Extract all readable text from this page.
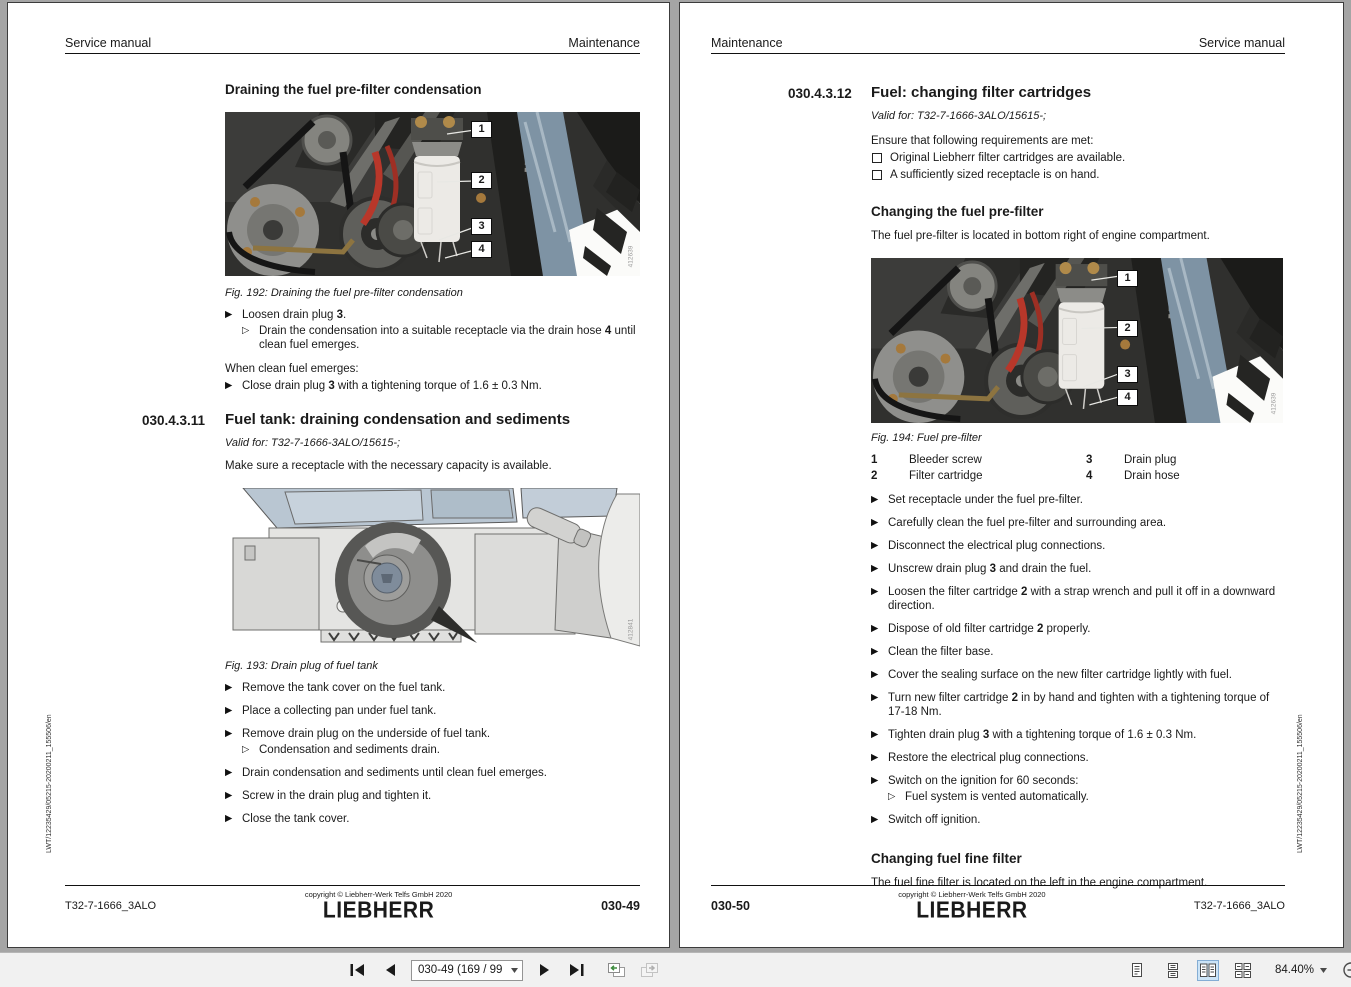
Service manual	Maintenance
Draining the fuel pre-filter condensation
1
2
3
4	412639
Fig. 192: Draining the fuel pre-filter condensation
▶ Loosen drain plug 3.
▷ Drain the condensation into a suitable receptacle via the drain hose 4 until clean fuel emerges.
When clean fuel emerges:
▶ Close drain plug 3 with a tightening torque of 1.6 ± 0.3 Nm.
030.4.3.11 Fuel tank: draining condensation and sediments
Valid for: T32-7-1666-3ALO/15615-;
Make sure a receptacle with the necessary capacity is available.
412841
Fig. 193: Drain plug of fuel tank
▶ Remove the tank cover on the fuel tank.
▶ Place a collecting pan under fuel tank.
▶ Remove drain plug on the underside of fuel tank.
▷ Condensation and sediments drain.
▶ Drain condensation and sediments until clean fuel emerges.
▶ Screw in the drain plug and tighten it.
▶ Close the tank cover.
T32-7-1666_3ALO
copyright © Liebherr-Werk Telfs GmbH 2020
LIEBHERR	030-49
LWT/12235429/05215-20200211_155506/en
Maintenance	Service manual
030.4.3.12 Fuel: changing filter cartridges
Valid for: T32-7-1666-3ALO/15615-;
Ensure that following requirements are met:
Original Liebherr filter cartridges are available.
A sufficiently sized receptacle is on hand.
Changing the fuel pre-filter
The fuel pre-filter is located in bottom right of engine compartment.
1
2
3
4	412639
Fig. 194: Fuel pre-filter
1	Bleeder screw	3	Drain plug
2	Filter cartridge	4	Drain hose
▶ Set receptacle under the fuel pre-filter.
▶ Carefully clean the fuel pre-filter and surrounding area.
▶ Disconnect the electrical plug connections.
▶ Unscrew drain plug 3 and drain the fuel.
▶ Loosen the filter cartridge 2 with a strap wrench and pull it off in a downward direction.
▶ Dispose of old filter cartridge 2 properly.
▶ Clean the filter base.
▶ Cover the sealing surface on the new filter cartridge lightly with fuel.
▶ Turn new filter cartridge 2 in by hand and tighten with a tightening torque of 17-18 Nm.
▶ Tighten drain plug 3 with a tightening torque of 1.6 ± 0.3 Nm.
▶ Restore the electrical plug connections.
▶ Switch on the ignition for 60 seconds:
▷ Fuel system is vented automatically.
▶ Switch off ignition.
Changing fuel fine filter
The fuel fine filter is located on the left in the engine compartment.
030-50
copyright © Liebherr-Werk Telfs GmbH 2020
LIEBHERR	T32-7-1666_3ALO
LWT/12235429/05215-20200211_155506/en
030-49 (169 / 99	84.40%
